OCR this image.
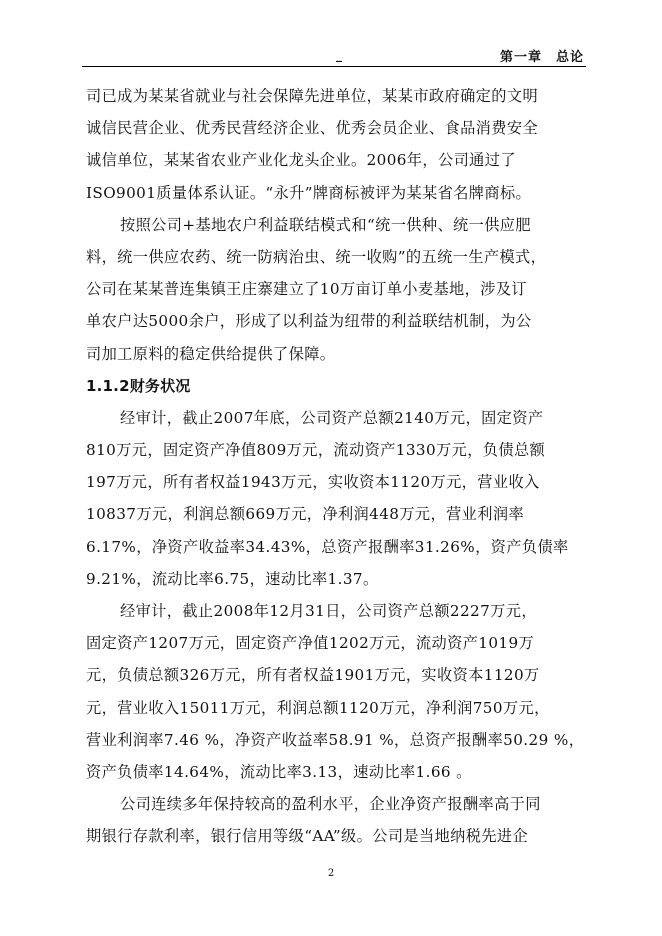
_	第一章 总论
司已成为某某省就业与社会保障先进单位，某某市政府确定的文明
诚信民营企业、优秀民营经济企业、优秀会员企业、食品消费安全
诚信单位，某某省农业产业化龙头企业。2006年，公司通过了
ISO9001质量体系认证。“永升”牌商标被评为某某省名牌商标。
按照公司+基地农户利益联结模式和“统一供种、统一供应肥
料，统一供应农药、统一防病治虫、统一收购”的五统一生产模式，
公司在某某普连集镇王庄寨建立了10万亩订单小麦基地，涉及订
单农户达5000余户，形成了以利益为纽带的利益联结机制，为公
司加工原料的稳定供给提供了保障。
1.1.2财务状况
经审计，截止2007年底，公司资产总额2140万元，固定资产
810万元，固定资产净值809万元，流动资产1330万元，负债总额
197万元，所有者权益1943万元，实收资本1120万元，营业收入
10837万元，利润总额669万元，净利润448万元，营业利润率
6.17%，净资产收益率34.43%，总资产报酬率31.26%，资产负债率
9.21%，流动比率6.75，速动比率1.37。
经审计，截止2008年12月31日，公司资产总额2227万元，
固定资产1207万元，固定资产净值1202万元，流动资产1019万
元，负债总额326万元，所有者权益1901万元，实收资本1120万
元，营业收入15011万元，利润总额1120万元，净利润750万元，
营业利润率7.46 %，净资产收益率58.91 %，总资产报酬率50.29 %，
资产负债率14.64%，流动比率3.13，速动比率1.66 。
公司连续多年保持较高的盈利水平，企业净资产报酬率高于同
期银行存款利率，银行信用等级“AA”级。公司是当地纳税先进企
2
